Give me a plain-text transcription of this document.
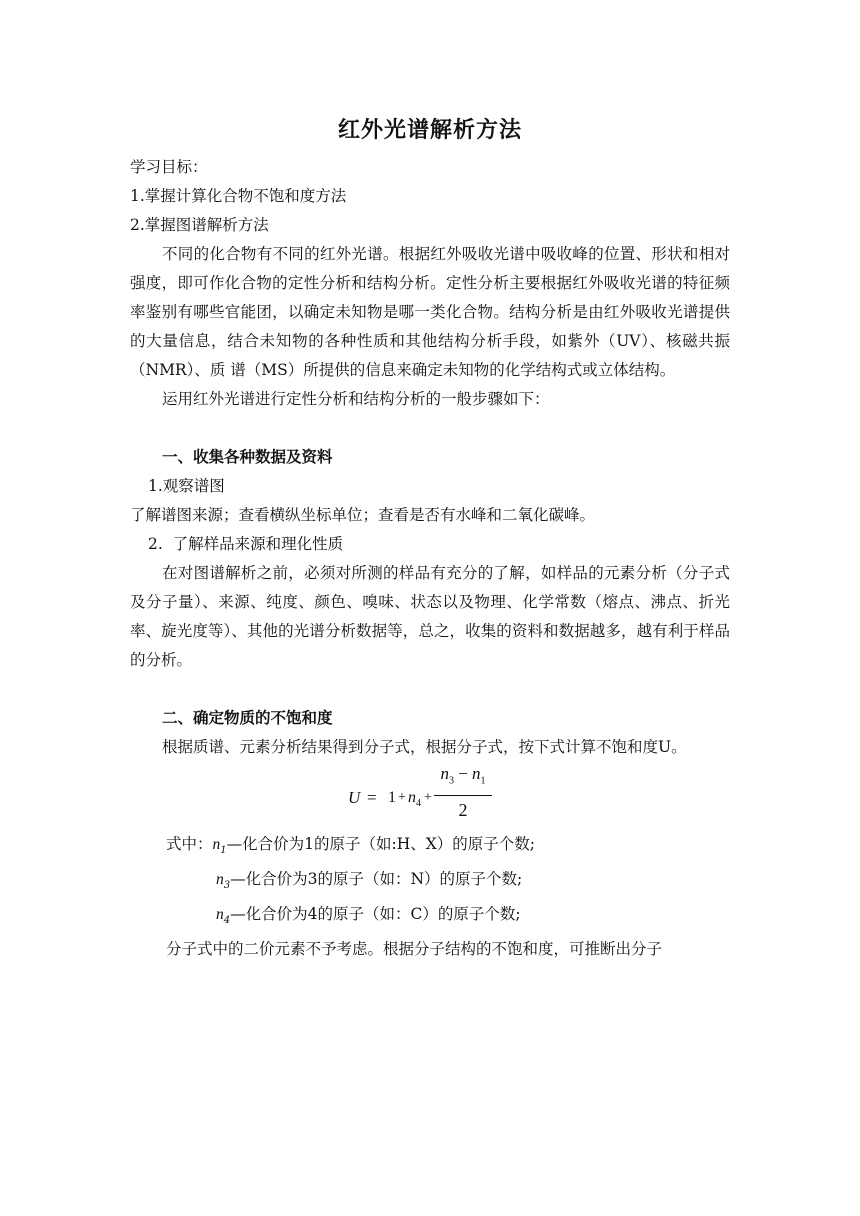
红外光谱解析方法

学习目标：

1.掌握计算化合物不饱和度方法

2.掌握图谱解析方法

不同的化合物有不同的红外光谱。根据红外吸收光谱中吸收峰的位置、形状和相对强度，即可作化合物的定性分析和结构分析。定性分析主要根据红外吸收光谱的特征频率鉴别有哪些官能团，以确定未知物是哪一类化合物。结构分析是由红外吸收光谱提供的大量信息，结合未知物的各种性质和其他结构分析手段，如紫外（UV）、核磁共振（NMR）、质 谱（MS）所提供的信息来确定未知物的化学结构式或立体结构。

运用红外光谱进行定性分析和结构分析的一般步骤如下：

一、收集各种数据及资料

1.观察谱图

了解谱图来源；查看横纵坐标单位；查看是否有水峰和二氧化碳峰。

2.  了解样品来源和理化性质

在对图谱解析之前，必须对所测的样品有充分的了解，如样品的元素分析（分子式及分子量）、来源、纯度、颜色、嗅味、状态以及物理、化学常数（熔点、沸点、折光率、旋光度等）、其他的光谱分析数据等，总之，收集的资料和数据越多，越有利于样品的分析。

二、确定物质的不饱和度

根据质谱、元素分析结果得到分子式，根据分子式，按下式计算不饱和度U。

$U = 1 + n_4$ +
$n_3 - n_1$
2

式中：$n_1—$化合价为1的原子（如:H、X）的原子个数;

$n_3—$化合价为3的原子（如：N）的原子个数;

$n_4—$化合价为4的原子（如：C）的原子个数;

分子式中的二价元素不予考虑。根据分子结构的不饱和度，可推断出分子
